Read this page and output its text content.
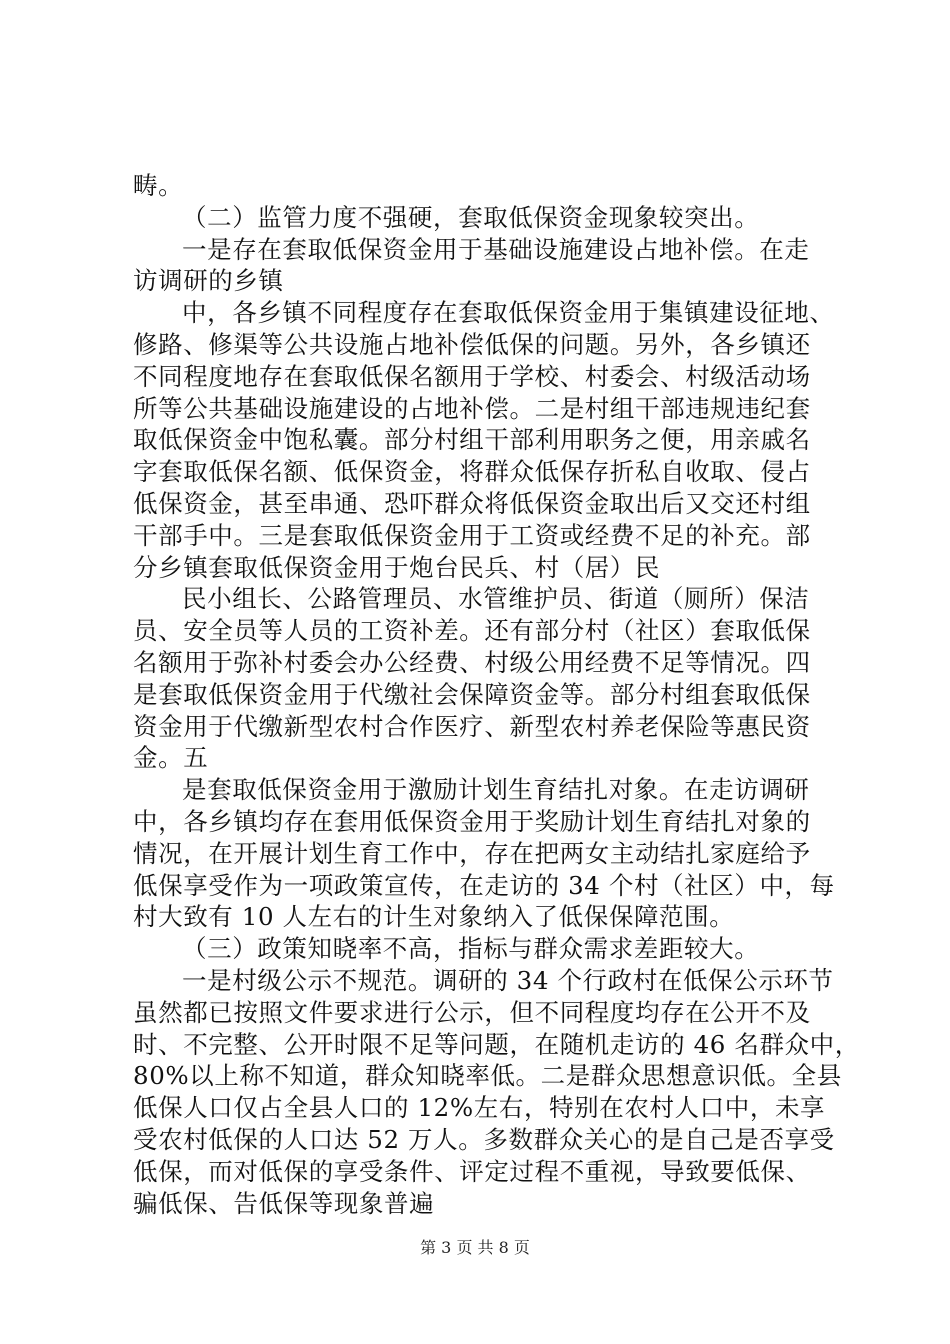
畴。
（二）监管力度不强硬，套取低保资金现象较突出。
一是存在套取低保资金用于基础设施建设占地补偿。在走
访调研的乡镇
中，各乡镇不同程度存在套取低保资金用于集镇建设征地、
修路、修渠等公共设施占地补偿低保的问题。另外，各乡镇还
不同程度地存在套取低保名额用于学校、村委会、村级活动场
所等公共基础设施建设的占地补偿。二是村组干部违规违纪套
取低保资金中饱私囊。部分村组干部利用职务之便，用亲戚名
字套取低保名额、低保资金，将群众低保存折私自收取、侵占
低保资金，甚至串通、恐吓群众将低保资金取出后又交还村组
干部手中。三是套取低保资金用于工资或经费不足的补充。部
分乡镇套取低保资金用于炮台民兵、村（居）民
民小组长、公路管理员、水管维护员、街道（厕所）保洁
员、安全员等人员的工资补差。还有部分村（社区）套取低保
名额用于弥补村委会办公经费、村级公用经费不足等情况。四
是套取低保资金用于代缴社会保障资金等。部分村组套取低保
资金用于代缴新型农村合作医疗、新型农村养老保险等惠民资
金。五
是套取低保资金用于激励计划生育结扎对象。在走访调研
中，各乡镇均存在套用低保资金用于奖励计划生育结扎对象的
情况，在开展计划生育工作中，存在把两女主动结扎家庭给予
低保享受作为一项政策宣传，在走访的 34 个村（社区）中，每
村大致有 10 人左右的计生对象纳入了低保保障范围。
（三）政策知晓率不高，指标与群众需求差距较大。
一是村级公示不规范。调研的 34 个行政村在低保公示环节
虽然都已按照文件要求进行公示，但不同程度均存在公开不及
时、不完整、公开时限不足等问题，在随机走访的 46 名群众中，
80%以上称不知道，群众知晓率低。二是群众思想意识低。全县
低保人口仅占全县人口的 12%左右，特别在农村人口中，未享
受农村低保的人口达 52 万人。多数群众关心的是自己是否享受
低保，而对低保的享受条件、评定过程不重视，导致要低保、
骗低保、告低保等现象普遍
第 3 页 共 8 页
